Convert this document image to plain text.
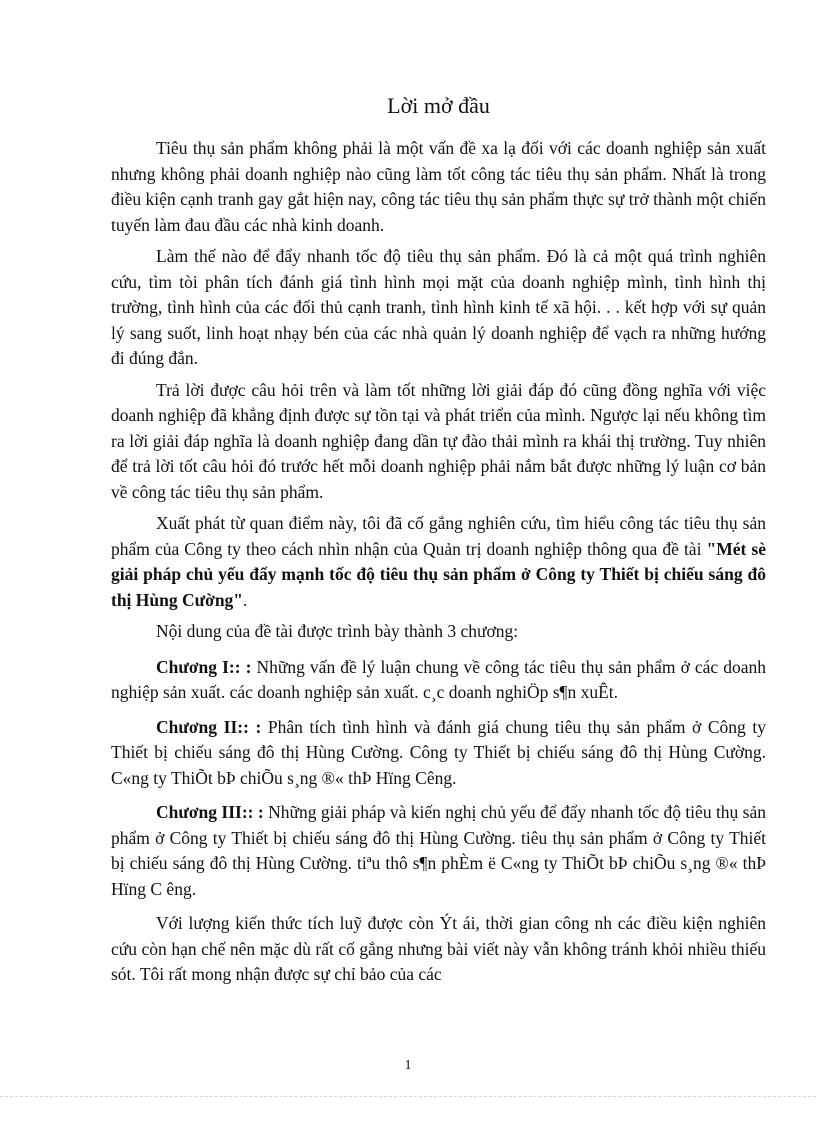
Lời mở đầu

Tiêu thụ sản phẩm không phải là một vấn đề xa lạ đối với các doanh nghiệp sản xuất nhưng không phải doanh nghiệp nào cũng làm tốt công tác tiêu thụ sản phẩm. Nhất là trong điều kiện cạnh tranh gay gắt hiện nay, công tác tiêu thụ sản phẩm thực sự trở thành một chiến tuyến làm đau đầu các nhà kinh doanh.

Làm thế nào để đẩy nhanh tốc độ tiêu thụ sản phẩm. Đó là cả một quá trình nghiên cứu, tìm tòi phân tích đánh giá tình hình mọi mặt của doanh nghiệp mình, tình hình thị trường, tình hình của các đối thủ cạnh tranh, tình hình kinh tế xã hội. . . kết hợp với sự quản lý sang suốt, linh hoạt nhạy bén của các nhà quản lý doanh nghiệp để vạch ra những hướng đi đúng đắn.

Trả lời được câu hỏi trên và làm tốt những lời giải đáp đó cũng đồng nghĩa với việc doanh nghiệp đã khẳng định được sự tồn tại và phát triển của mình. Ngược lại nếu không tìm ra lời giải đáp nghĩa là doanh nghiệp đang dần tự đào thải mình ra khái thị trường. Tuy nhiên để trả lời tốt câu hỏi đó trước hết mỗi doanh nghiệp phải nắm bắt được những lý luận cơ bản về công tác tiêu thụ sản phẩm.

Xuất phát từ quan điểm này, tôi đã cố gắng nghiên cứu, tìm hiểu công tác tiêu thụ sản phẩm của Công ty theo cách nhìn nhận của Quản trị doanh nghiệp thông qua đề tài "Mét sè giải pháp chủ yếu đẩy mạnh tốc độ tiêu thụ sản phẩm ở Công ty Thiết bị chiếu sáng đô thị Hùng Cường".

Nội dung của đề tài được trình bày thành 3 chương:

Chương I:: : Những vấn đề lý luận chung về công tác tiêu thụ sản phẩm ở các doanh nghiệp sản xuất. các doanh nghiệp sản xuất. c¸c doanh nghiÖp s¶n xuÊt.

Chương II:: : Phân tích tình hình và đánh giá chung tiêu thụ sản phẩm ở Công ty Thiết bị chiếu sáng đô thị Hùng Cường. Công ty Thiết bị chiếu sáng đô thị Hùng Cường. C«ng ty ThiÕt bÞ chiÕu s¸ng ®« thÞ Hïng Cêng.

Chương III:: : Những giải pháp và kiến nghị chủ yếu để đẩy nhanh tốc độ tiêu thụ sản phẩm ở Công ty Thiết bị chiếu sáng đô thị Hùng Cường. tiêu thụ sản phẩm ở Công ty Thiết bị chiếu sáng đô thị Hùng Cường. tiªu thô s¶n phÈm ë C«ng ty ThiÕt bÞ chiÕu s¸ng ®« thÞ Hïng C êng.

Với lượng kiến thức tích luỹ được còn Ýt ái, thời gian công nh các điều kiện nghiên cứu còn hạn chế nên mặc dù rất cố gắng nhưng bài viết này vẫn không tránh khỏi nhiều thiếu sót. Tôi rất mong nhận được sự chỉ bảo của các

1
